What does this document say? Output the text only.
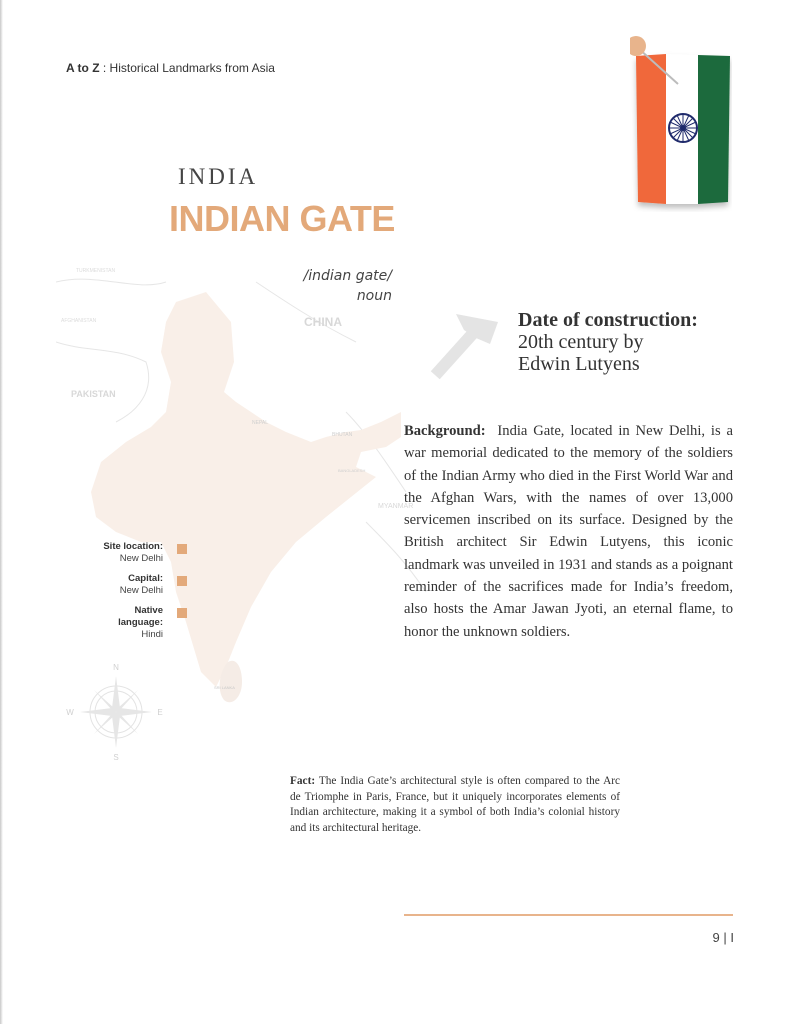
A to Z : Historical Landmarks from Asia
INDIA
INDIAN GATE
CHINA
PAKISTAN
TURKMENISTAN
AFGHANISTAN
NEPAL
BHUTAN
BANGLADESH
MYANMAR
SRI LANKA
/indian gate/
noun
Date of construction:
20th century by
Edwin Lutyens
Background: India Gate, located in New Delhi, is a war memorial dedicated to the memory of the soldiers of the Indian Army who died in the First World War and the Afghan Wars, with the names of over 13,000 servicemen inscribed on its surface. Designed by the British architect Sir Edwin Lutyens, this iconic landmark was unveiled in 1931 and stands as a poignant reminder of the sacrifices made for India’s freedom, also hosts the Amar Jawan Jyoti, an eternal flame, to honor the unknown soldiers.
Site location:
New Delhi
Capital:
New Delhi
Native language:
Hindi
N
S
W	E
Fact: The India Gate’s architectural style is often compared to the Arc de Triomphe in Paris, France, but it uniquely incorporates elements of Indian architecture, making it a symbol of both India’s colonial history and its architectural heritage.
9 | I
